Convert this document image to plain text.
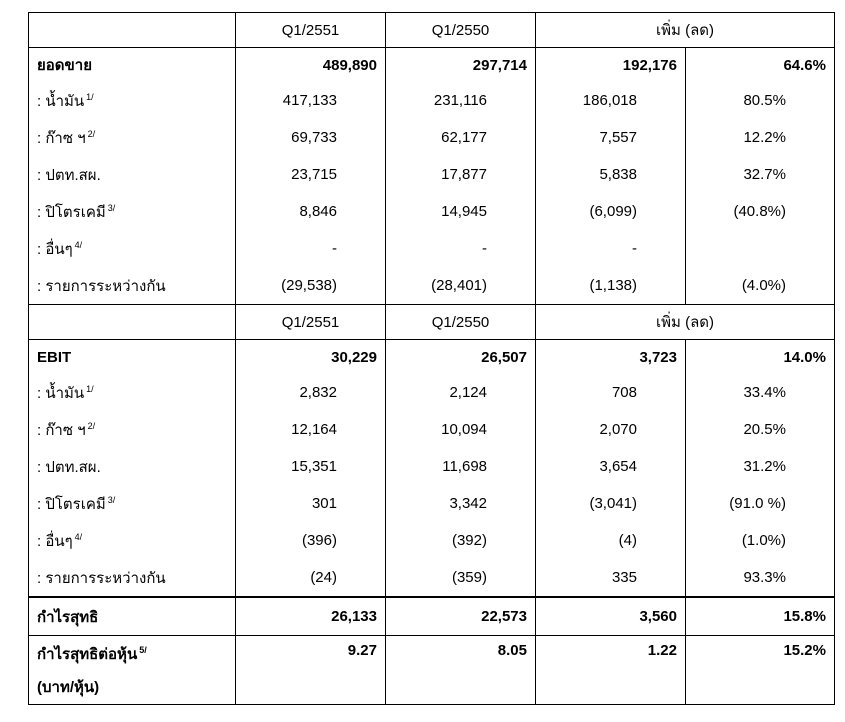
	Q1/2551	Q1/2550	เพิ่ม (ลด)	
ยอดขาย	489,890	297,714	192,176	64.6%
: น้ำมัน $^{1/}$	417,133	231,116	186,018	80.5%
: ก๊าซ ฯ $^{2/}$	69,733	62,177	7,557	12.2%
: ปตท.สผ.	23,715	17,877	5,838	32.7%
: ปิโตรเคมี $^{3/}$	8,846	14,945	(6,099)	(40.8%)
: อื่นๆ $^{4/}$	-	-	-	
: รายการระหว่างกัน	(29,538)	(28,401)	(1,138)	(4.0%)
	Q1/2551	Q1/2550	เพิ่ม (ลด)	
EBIT	30,229	26,507	3,723	14.0%
: น้ำมัน $^{1/}$	2,832	2,124	708	33.4%
: ก๊าซ ฯ $^{2/}$	12,164	10,094	2,070	20.5%
: ปตท.สผ.	15,351	11,698	3,654	31.2%
: ปิโตรเคมี $^{3/}$	301	3,342	(3,041)	(91.0 %)
: อื่นๆ $^{4/}$	(396)	(392)	(4)	(1.0%)
: รายการระหว่างกัน	(24)	(359)	335	93.3%
กำไรสุทธิ	26,133	22,573	3,560	15.8%

กำไรสุทธิต่อหุ้น $^{5/}$
(บาท/หุ้น)	9.27	8.05	1.22	15.2%
